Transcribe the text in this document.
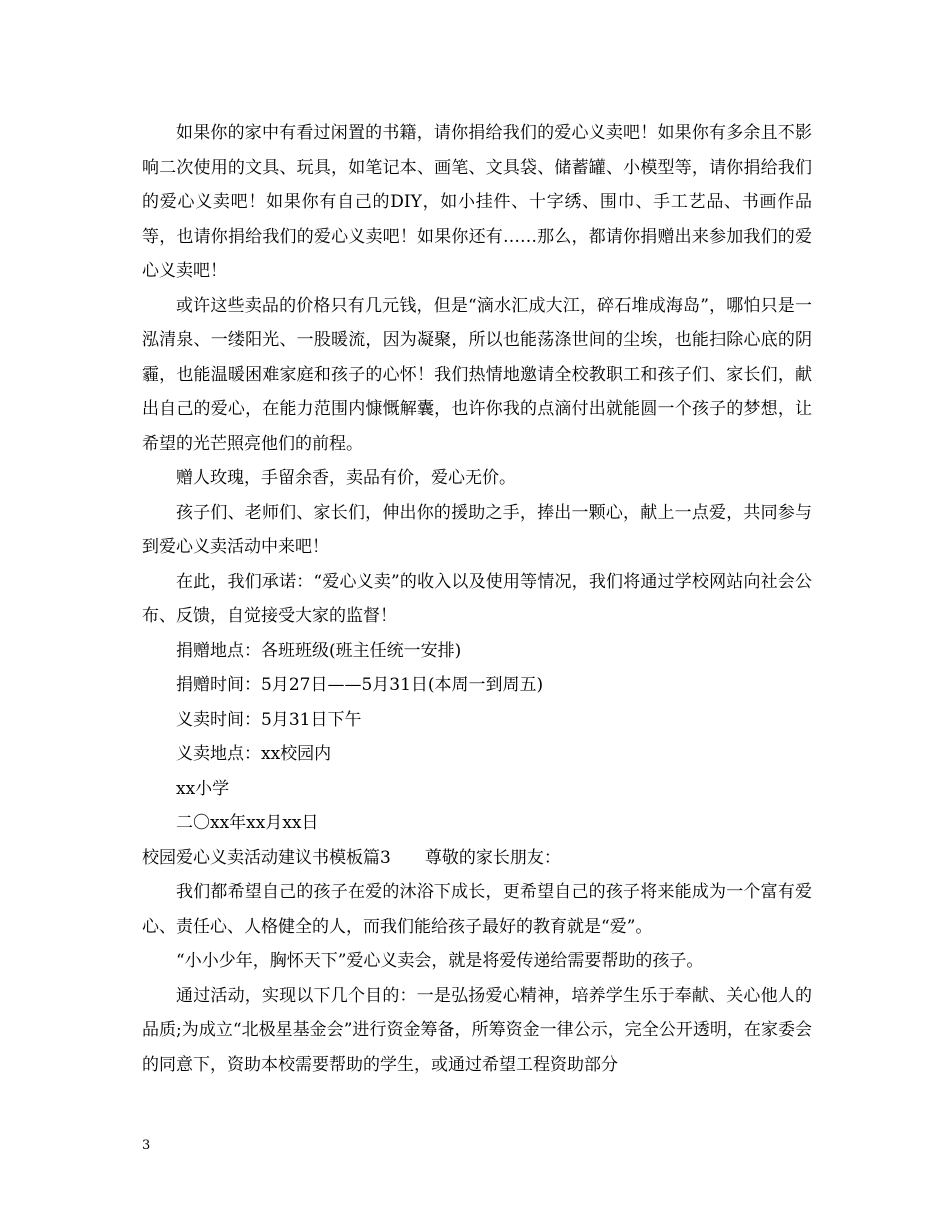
如果你的家中有看过闲置的书籍，请你捐给我们的爱心义卖吧！如果你有多余且不影响二次使用的文具、玩具，如笔记本、画笔、文具袋、储蓄罐、小模型等，请你捐给我们的爱心义卖吧！如果你有自己的DIY，如小挂件、十字绣、围巾、手工艺品、书画作品等，也请你捐给我们的爱心义卖吧！如果你还有……那么，都请你捐赠出来参加我们的爱心义卖吧！

或许这些卖品的价格只有几元钱，但是“滴水汇成大江，碎石堆成海岛”，哪怕只是一泓清泉、一缕阳光、一股暖流，因为凝聚，所以也能荡涤世间的尘埃，也能扫除心底的阴霾，也能温暖困难家庭和孩子的心怀！我们热情地邀请全校教职工和孩子们、家长们，献出自己的爱心，在能力范围内慷慨解囊，也许你我的点滴付出就能圆一个孩子的梦想，让希望的光芒照亮他们的前程。

赠人玫瑰，手留余香，卖品有价，爱心无价。

孩子们、老师们、家长们，伸出你的援助之手，捧出一颗心，献上一点爱，共同参与到爱心义卖活动中来吧！

在此，我们承诺：“爱心义卖”的收入以及使用等情况，我们将通过学校网站向社会公布、反馈，自觉接受大家的监督！

捐赠地点：各班班级(班主任统一安排)

捐赠时间：5月27日——5月31日(本周一到周五)

义卖时间：5月31日下午

义卖地点：xx校园内

xx小学

二〇xx年xx月xx日

校园爱心义卖活动建议书模板篇3　　尊敬的家长朋友：

我们都希望自己的孩子在爱的沐浴下成长，更希望自己的孩子将来能成为一个富有爱心、责任心、人格健全的人，而我们能给孩子最好的教育就是“爱”。

“小小少年，胸怀天下”爱心义卖会，就是将爱传递给需要帮助的孩子。

通过活动，实现以下几个目的：一是弘扬爱心精神，培养学生乐于奉献、关心他人的品质;为成立“北极星基金会”进行资金筹备，所筹资金一律公示，完全公开透明，在家委会的同意下，资助本校需要帮助的学生，或通过希望工程资助部分

3
